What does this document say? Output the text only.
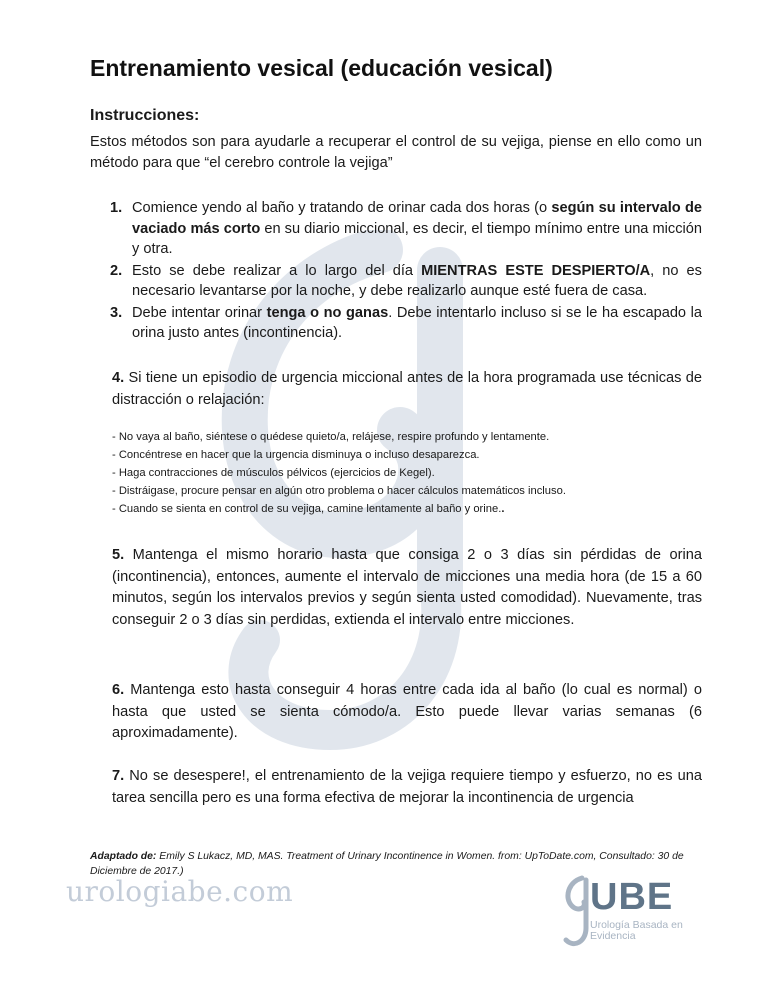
Entrenamiento vesical (educación vesical)
Instrucciones:
Estos métodos son para ayudarle a recuperar el control de su vejiga, piense en ello como un método para que “el cerebro controle la vejiga”
1. Comience yendo al baño y tratando de orinar cada dos horas (o según su intervalo de vaciado más corto en su diario miccional, es decir, el tiempo mínimo entre una micción y otra.
2. Esto se debe realizar a lo largo del día MIENTRAS ESTE DESPIERTO/A, no es necesario levantarse por la noche, y debe realizarlo aunque esté fuera de casa.
3. Debe intentar orinar tenga o no ganas. Debe intentarlo incluso si se le ha escapado la orina justo antes (incontinencia).
4. Si tiene un episodio de urgencia miccional antes de la hora programada use técnicas de distracción o relajación:
- No vaya al baño, siéntese o quédese quieto/a, relájese, respire profundo y lentamente.
- Concéntrese en hacer que la urgencia disminuya o incluso desaparezca.
- Haga contracciones de músculos pélvicos (ejercicios de Kegel).
- Distráigase, procure pensar en algún otro problema o hacer cálculos matemáticos incluso.
- Cuando se sienta en control de su vejiga, camine lentamente al baño y orine..
5. Mantenga el mismo horario hasta que consiga 2 o 3 días sin pérdidas de orina (incontinencia), entonces, aumente el intervalo de micciones una media hora (de 15 a 60 minutos, según los intervalos previos y según sienta usted comodidad). Nuevamente, tras conseguir 2 o 3 días sin perdidas, extienda el intervalo entre micciones.
6. Mantenga esto hasta conseguir 4 horas entre cada ida al baño (lo cual es normal) o hasta que usted se sienta cómodo/a. Esto puede llevar varias semanas (6 aproximadamente).
7. No se desespere!, el entrenamiento de la vejiga requiere tiempo y esfuerzo, no es una tarea sencilla pero es una forma efectiva de mejorar la incontinencia de urgencia
Adaptado de: Emily S Lukacz, MD, MAS. Treatment of Urinary Incontinence in Women. from: UpToDate.com, Consultado: 30 de Diciembre de 2017.)
urologiabe.com	UBE
Urología Basada en
Evidencia
